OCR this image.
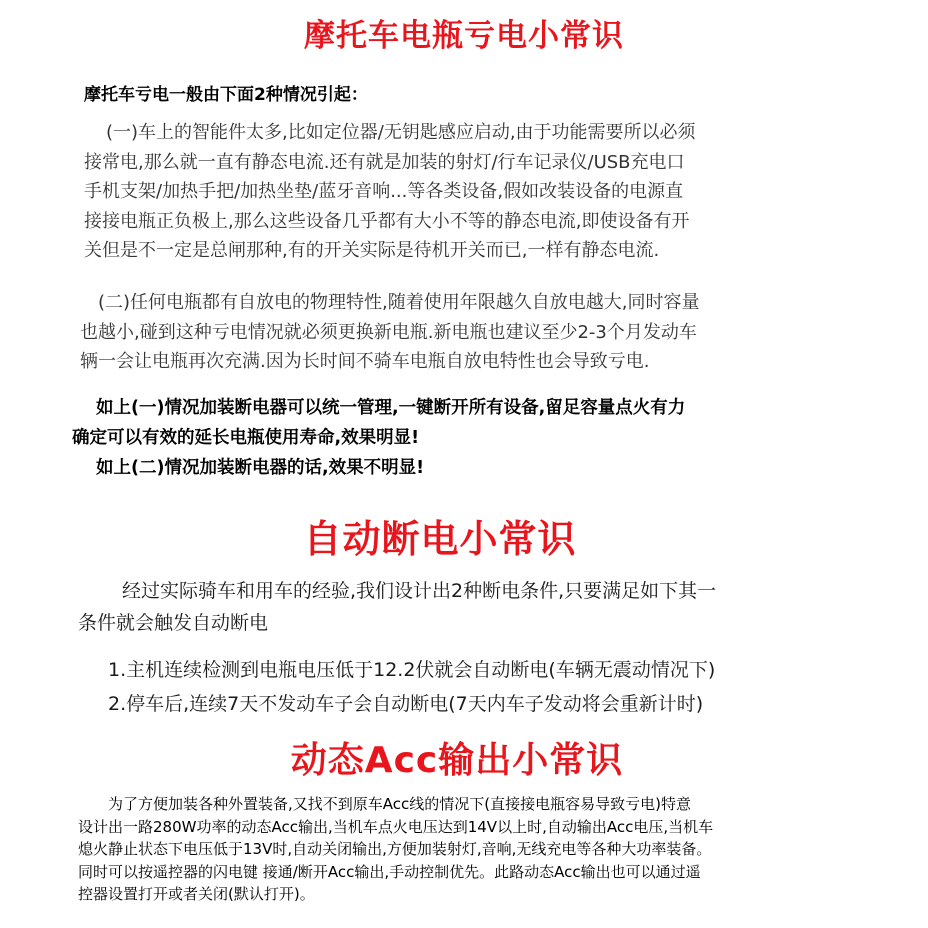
摩托车电瓶亏电小常识
摩托车亏电一般由下面2种情况引起：
(一)车上的智能件太多,比如定位器/无钥匙感应启动,由于功能需要所以必须
接常电,那么就一直有静态电流.还有就是加装的射灯/行车记录仪/USB充电口
手机支架/加热手把/加热坐垫/蓝牙音响...等各类设备,假如改装设备的电源直
接接电瓶正负极上,那么这些设备几乎都有大小不等的静态电流,即使设备有开
关但是不一定是总闸那种,有的开关实际是待机开关而已,一样有静态电流.
(二)任何电瓶都有自放电的物理特性,随着使用年限越久自放电越大,同时容量
也越小,碰到这种亏电情况就必须更换新电瓶.新电瓶也建议至少2-3个月发动车
辆一会让电瓶再次充满.因为长时间不骑车电瓶自放电特性也会导致亏电.
如上(一)情况加装断电器可以统一管理,一键断开所有设备,留足容量点火有力
确定可以有效的延长电瓶使用寿命,效果明显!
如上(二)情况加装断电器的话,效果不明显!
自动断电小常识
经过实际骑车和用车的经验,我们设计出2种断电条件,只要满足如下其一
条件就会触发自动断电
1.主机连续检测到电瓶电压低于12.2伏就会自动断电(车辆无震动情况下)
2.停车后,连续7天不发动车子会自动断电(7天内车子发动将会重新计时)
动态Acc输出小常识
为了方便加装各种外置装备,又找不到原车Acc线的情况下(直接接电瓶容易导致亏电)特意
设计出一路280W功率的动态Acc输出,当机车点火电压达到14V以上时,自动输出Acc电压,当机车
熄火静止状态下电压低于13V时,自动关闭输出,方便加装射灯,音响,无线充电等各种大功率装备。
同时可以按遥控器的闪电键 接通/断开Acc输出,手动控制优先。此路动态Acc输出也可以通过遥
控器设置打开或者关闭(默认打开)。
